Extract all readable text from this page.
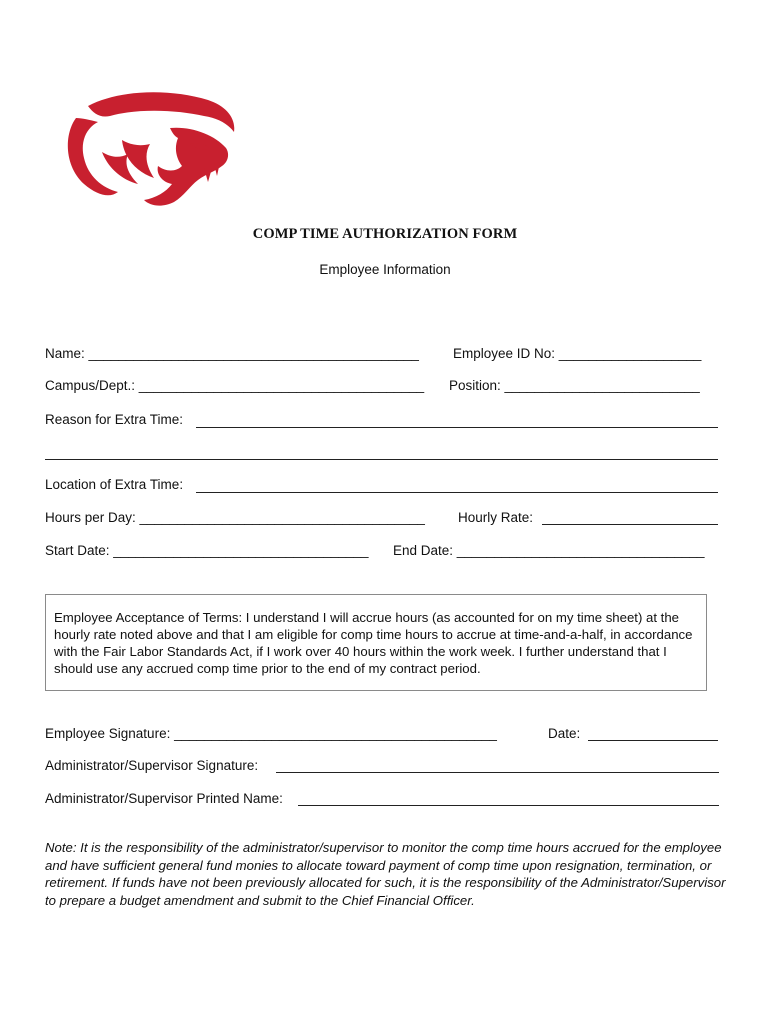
COMP TIME AUTHORIZATION FORM
Employee Information
Name: ____________________________________________	Employee ID No: ___________________
Campus/Dept.: ______________________________________ Position: __________________________
Reason for Extra Time:
Location of Extra Time:
Hours per Day: ______________________________________ Hourly Rate:
Start Date: __________________________________ End Date: _________________________________
Employee Acceptance of Terms: I understand I will accrue hours (as accounted for on my time sheet) at the hourly rate noted above and that I am eligible for comp time hours to accrue at time-and-a-half, in accordance with the Fair Labor Standards Act, if I work over 40 hours within the work week. I further understand that I should use any accrued comp time prior to the end of my contract period.
Employee Signature: ___________________________________________	Date:
Administrator/Supervisor Signature:
Administrator/Supervisor Printed Name:
Note: It is the responsibility of the administrator/supervisor to monitor the comp time hours accrued for the employee and have sufficient general fund monies to allocate toward payment of comp time upon resignation, termination, or retirement. If funds have not been previously allocated for such, it is the responsibility of the Administrator/Supervisor to prepare a budget amendment and submit to the Chief Financial Officer.
